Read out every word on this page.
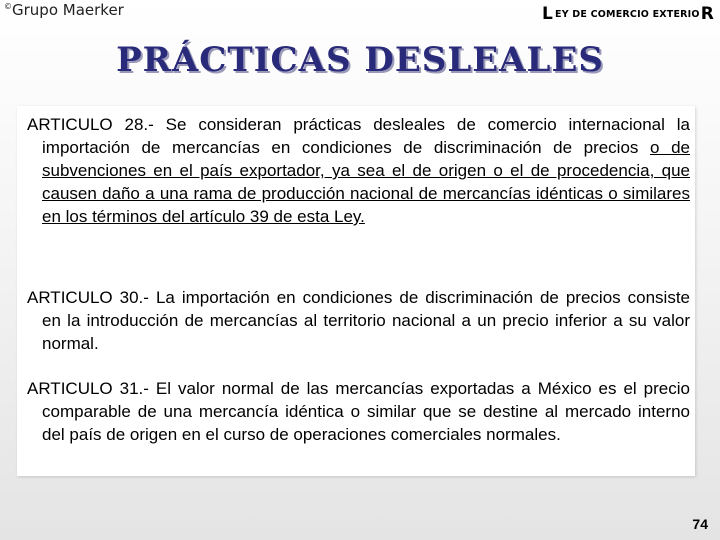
©Grupo Maerker	L EY DE COMERCIO EXTERIO R
PRÁCTICAS DESLEALES

ARTICULO 28.- Se consideran prácticas desleales de comercio internacional la importación de mercancías en condiciones de discriminación de precios o de subvenciones en el país exportador, ya sea el de origen o el de procedencia, que causen daño a una rama de producción nacional de mercancías idénticas o similares en los términos del artículo 39 de esta Ley.

ARTICULO 30.- La importación en condiciones de discriminación de precios consiste en la introducción de mercancías al territorio nacional a un precio inferior a su valor normal.

ARTICULO 31.- El valor normal de las mercancías exportadas a México es el precio comparable de una mercancía idéntica o similar que se destine al mercado interno del país de origen en el curso de operaciones comerciales normales.

74
